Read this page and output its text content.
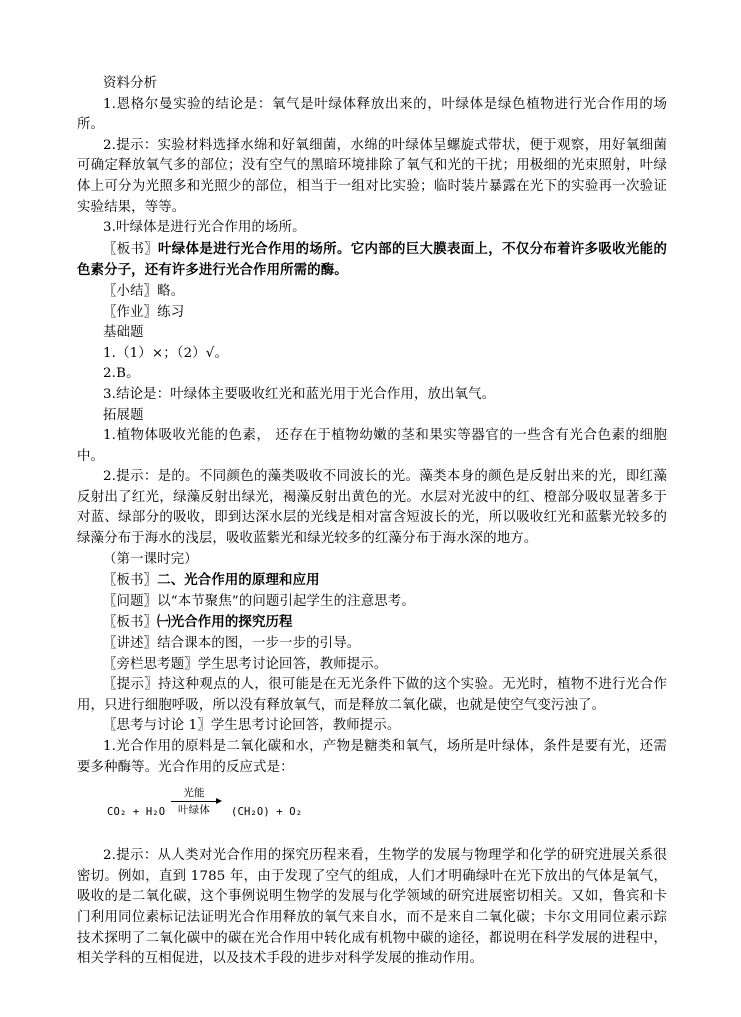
资料分析

1.恩格尔曼实验的结论是：氧气是叶绿体释放出来的，叶绿体是绿色植物进行光合作用的场所。

2.提示：实验材料选择水绵和好氧细菌，水绵的叶绿体呈螺旋式带状，便于观察，用好氧细菌可确定释放氧气多的部位；没有空气的黑暗环境排除了氧气和光的干扰；用极细的光束照射，叶绿体上可分为光照多和光照少的部位，相当于一组对比实验；临时装片暴露在光下的实验再一次验证实验结果，等等。

3.叶绿体是进行光合作用的场所。

〖板书〗叶绿体是进行光合作用的场所。它内部的巨大膜表面上，不仅分布着许多吸收光能的色素分子，还有许多进行光合作用所需的酶。

〖小结〗略。

〖作业〗练习

基础题

1.（1）×；（2）√。

2.B。

3.结论是：叶绿体主要吸收红光和蓝光用于光合作用，放出氧气。

拓展题

1.植物体吸收光能的色素， 还存在于植物幼嫩的茎和果实等器官的一些含有光合色素的细胞中。

2.提示：是的。不同颜色的藻类吸收不同波长的光。藻类本身的颜色是反射出来的光，即红藻反射出了红光，绿藻反射出绿光，褐藻反射出黄色的光。水层对光波中的红、橙部分吸収显著多于对蓝、绿部分的吸收，即到达深水层的光线是相对富含短波长的光，所以吸收红光和蓝紫光较多的绿藻分布于海水的浅层，吸收蓝紫光和绿光较多的红藻分布于海水深的地方。

（第一课时完）

〖板书〗二、光合作用的原理和应用

〖问题〗以“本节聚焦”的问题引起学生的注意思考。

〖板书〗㈠光合作用的探究历程

〖讲述〗结合课本的图，一步一步的引导。

〖旁栏思考题〗学生思考讨论回答，教师提示。

〖提示〗持这种观点的人，很可能是在无光条件下做的这个实验。无光时，植物不进行光合作用，只进行细胞呼吸，所以没有释放氧气，而是释放二氧化碳，也就是使空气变污浊了。

〖思考与讨论 1〗学生思考讨论回答，教师提示。

1.光合作用的原料是二氧化碳和水，产物是糖类和氧气，场所是叶绿体，条件是要有光，还需要多种酶等。光合作用的反应式是：

CO₂ + H₂O
光能
叶绿体	(CH₂O) + O₂

2.提示：从人类对光合作用的探究历程来看，生物学的发展与物理学和化学的研究进展关系很密切。例如，直到 1785 年，由于发现了空气的组成，人们才明确绿叶在光下放出的气体是氧气，吸收的是二氧化碳，这个事例说明生物学的发展与化学领域的研究进展密切相关。又如，鲁宾和卡门利用同位素标记法证明光合作用释放的氧气来自水，而不是来自二氧化碳；卡尔文用同位素示踪技术探明了二氧化碳中的碳在光合作用中转化成有机物中碳的途径，都说明在科学发展的进程中，相关学科的互相促进，以及技术手段的进步对科学发展的推动作用。
